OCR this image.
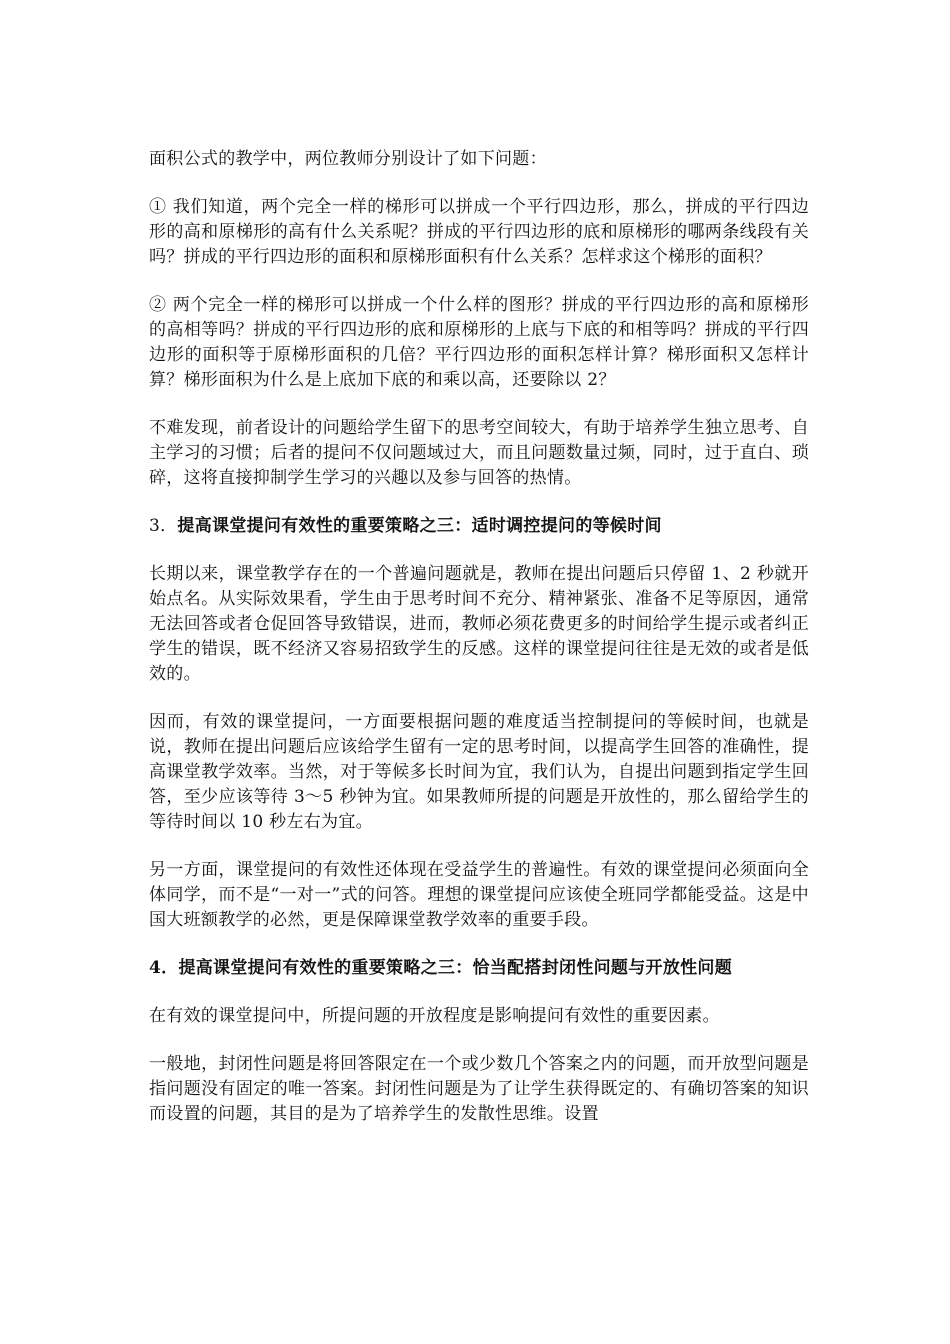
面积公式的教学中，两位教师分别设计了如下问题：

① 我们知道，两个完全一样的梯形可以拼成一个平行四边形，那么，拼成的平行四边形的高和原梯形的高有什么关系呢？拼成的平行四边形的底和原梯形的哪两条线段有关吗？拼成的平行四边形的面积和原梯形面积有什么关系？怎样求这个梯形的面积？

② 两个完全一样的梯形可以拼成一个什么样的图形？拼成的平行四边形的高和原梯形的高相等吗？拼成的平行四边形的底和原梯形的上底与下底的和相等吗？拼成的平行四边形的面积等于原梯形面积的几倍？平行四边形的面积怎样计算？梯形面积又怎样计算？梯形面积为什么是上底加下底的和乘以高，还要除以 2？

不难发现，前者设计的问题给学生留下的思考空间较大，有助于培养学生独立思考、自主学习的习惯；后者的提问不仅问题域过大，而且问题数量过频，同时，过于直白、琐碎，这将直接抑制学生学习的兴趣以及参与回答的热情。

3．提高课堂提问有效性的重要策略之三：适时调控提问的等候时间

长期以来，课堂教学存在的一个普遍问题就是，教师在提出问题后只停留 1、2 秒就开始点名。从实际效果看，学生由于思考时间不充分、精神紧张、准备不足等原因，通常无法回答或者仓促回答导致错误，进而，教师必须花费更多的时间给学生提示或者纠正学生的错误，既不经济又容易招致学生的反感。这样的课堂提问往往是无效的或者是低效的。

因而，有效的课堂提问，一方面要根据问题的难度适当控制提问的等候时间，也就是说，教师在提出问题后应该给学生留有一定的思考时间，以提高学生回答的准确性，提高课堂教学效率。当然，对于等候多长时间为宜，我们认为，自提出问题到指定学生回答，至少应该等待 3～5 秒钟为宜。如果教师所提的问题是开放性的，那么留给学生的等待时间以 10 秒左右为宜。

另一方面，课堂提问的有效性还体现在受益学生的普遍性。有效的课堂提问必须面向全体同学，而不是“一对一”式的问答。理想的课堂提问应该使全班同学都能受益。这是中国大班额教学的必然，更是保障课堂教学效率的重要手段。

4．提高课堂提问有效性的重要策略之三：恰当配搭封闭性问题与开放性问题

在有效的课堂提问中，所提问题的开放程度是影响提问有效性的重要因素。

一般地，封闭性问题是将回答限定在一个或少数几个答案之内的问题，而开放型问题是指问题没有固定的唯一答案。封闭性问题是为了让学生获得既定的、有确切答案的知识而设置的问题，其目的是为了培养学生的发散性思维。设置
